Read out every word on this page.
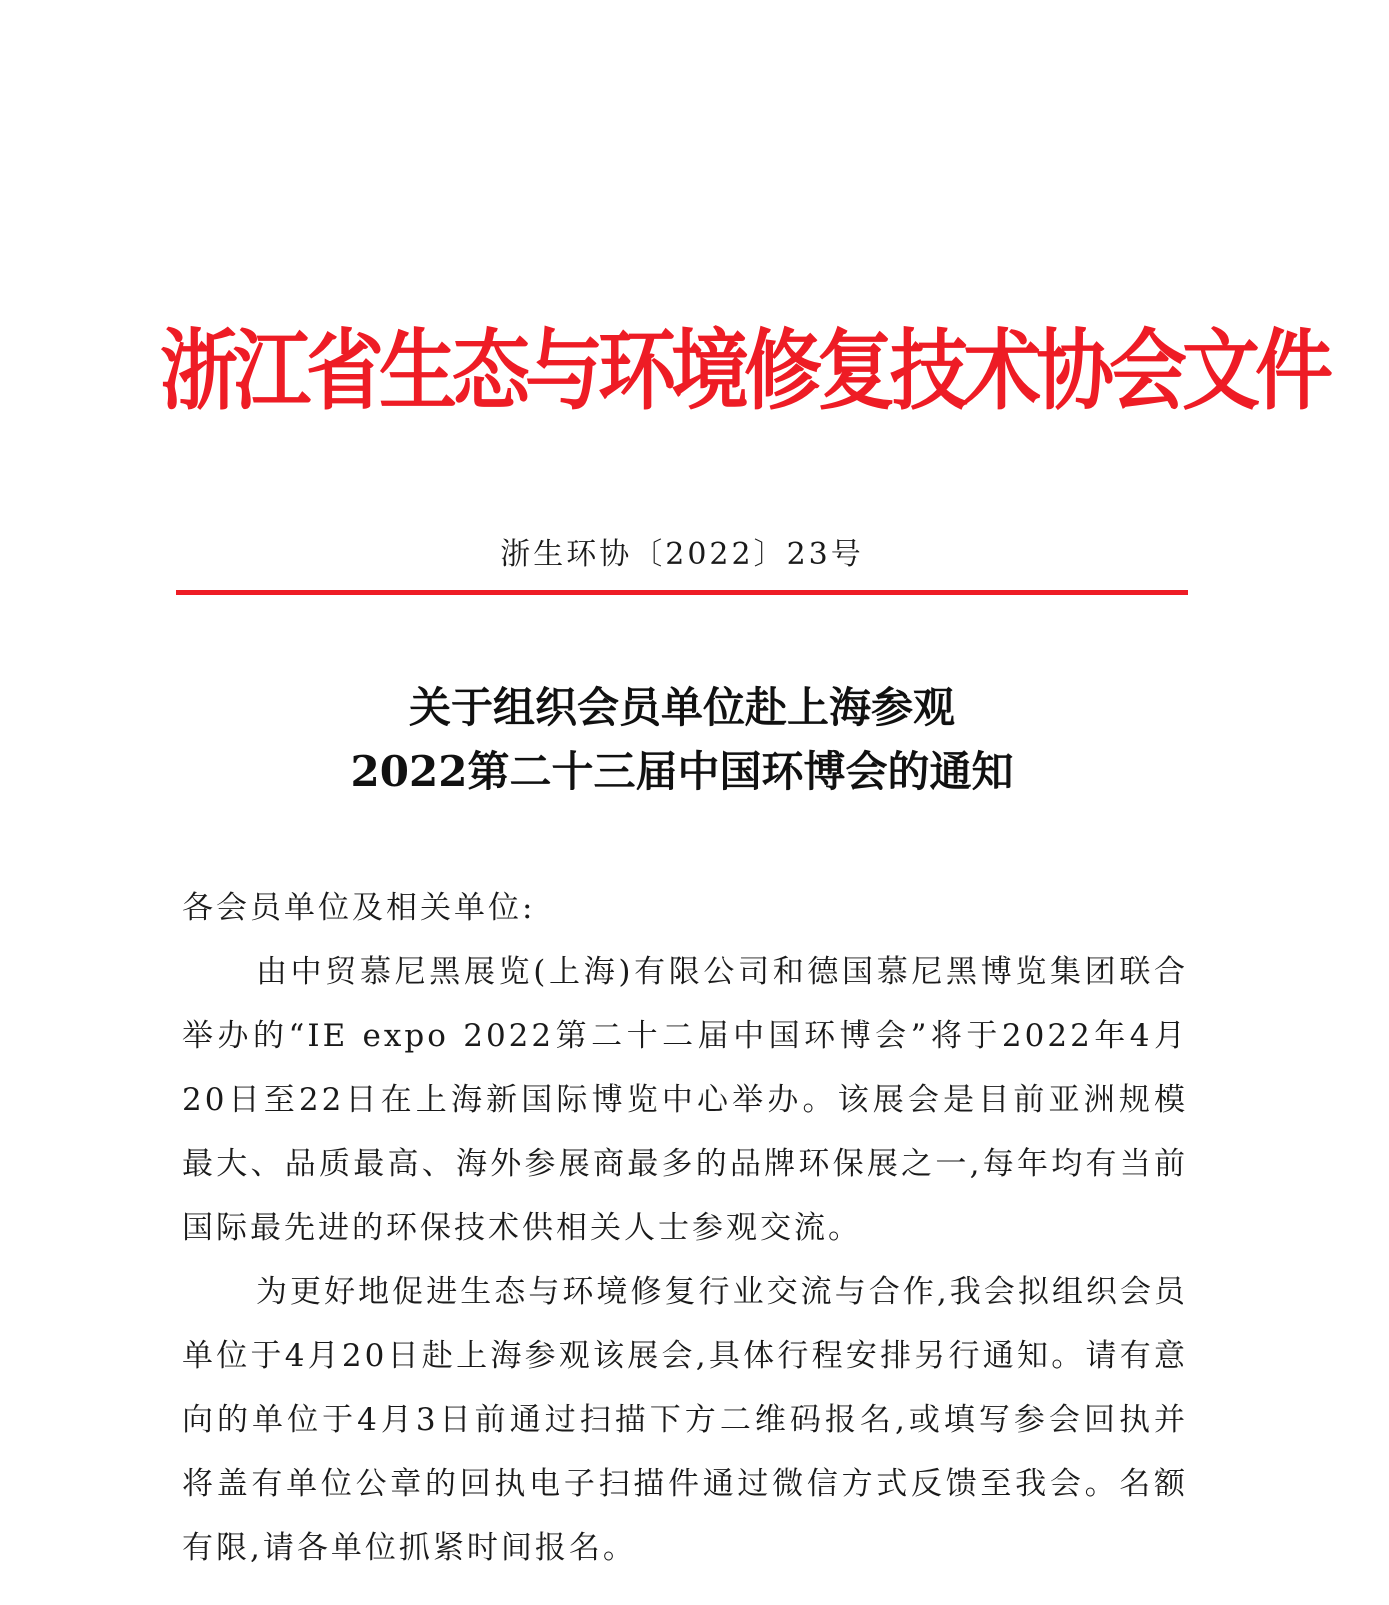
浙江省生态与环境修复技术协会文件
浙生环协〔2022〕23号
关于组织会员单位赴上海参观
2022第二十三届中国环博会的通知

各会员单位及相关单位:

由中贸慕尼黑展览(上海)有限公司和德国慕尼黑博览集团联合举办的“IE expo 2022第二十二届中国环博会”将于2022年4月20日至22日在上海新国际博览中心举办。该展会是目前亚洲规模最大、品质最高、海外参展商最多的品牌环保展之一,每年均有当前国际最先进的环保技术供相关人士参观交流。

为更好地促进生态与环境修复行业交流与合作,我会拟组织会员单位于4月20日赴上海参观该展会,具体行程安排另行通知。请有意向的单位于4月3日前通过扫描下方二维码报名,或填写参会回执并将盖有单位公章的回执电子扫描件通过微信方式反馈至我会。名额有限,请各单位抓紧时间报名。
